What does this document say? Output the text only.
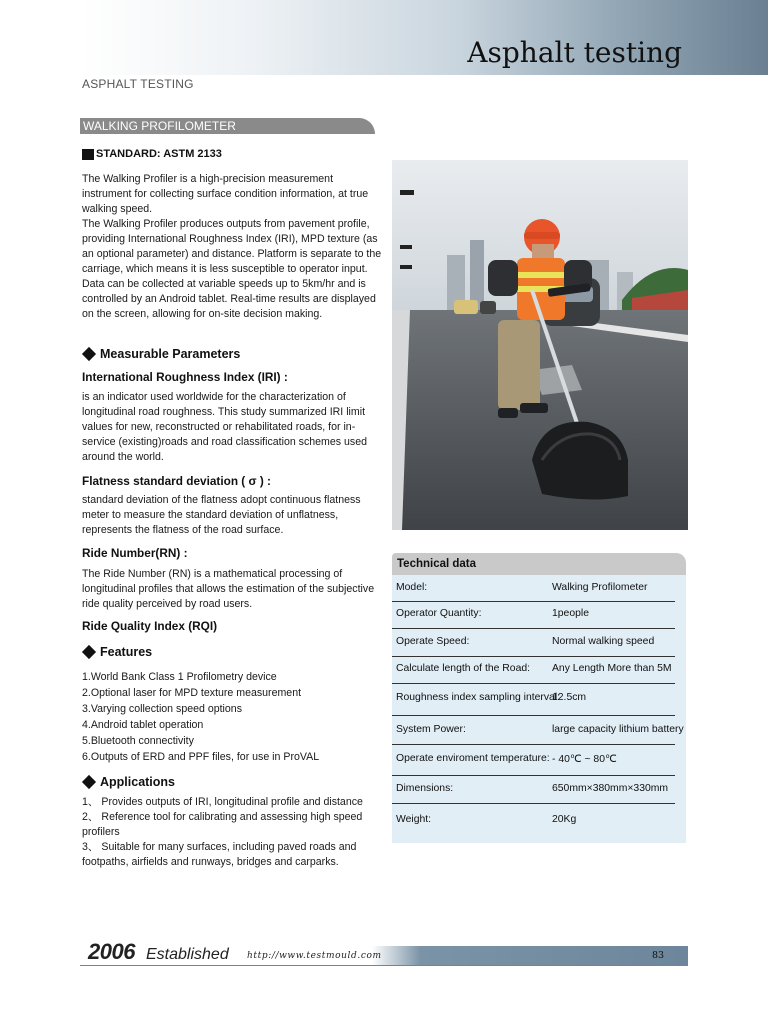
Asphalt testing
ASPHALT TESTING
WALKING PROFILOMETER
STANDARD: ASTM 2133

The Walking Profiler is a high-precision measurement instrument for collecting surface condition information, at true walking speed.

The Walking Profiler produces outputs from pavement profile, providing International Roughness Index (IRI), MPD texture (as an optional parameter) and distance. Platform is separate to the carriage, which means it is less susceptible to operator input. Data can be collected at variable speeds up to 5km/hr and is controlled by an Android tablet. Real-time results are displayed on the screen, allowing for on-site decision making.

Measurable Parameters
International Roughness Index (IRI) :
is an indicator used worldwide for the characterization of longitudinal road roughness. This study summarized IRI limit values for new, reconstructed or rehabilitated roads, for in-service (existing)roads and road classification schemes used around the world.
Flatness standard deviation ( σ ) :
standard deviation of the flatness adopt continuous flatness meter to measure the standard deviation of unflatness, represents the flatness of the road surface.
Ride Number(RN) :
The Ride Number (RN) is a mathematical processing of longitudinal profiles that allows the estimation of the subjective ride quality perceived by road users.
Ride Quality Index (RQI)
Features

1.World Bank Class 1 Profilometry device

2.Optional laser for MPD texture measurement

3.Varying collection speed options

4.Android tablet operation

5.Bluetooth connectivity

6.Outputs of ERD and PPF files, for use in ProVAL

Applications

1、 Provides outputs of IRI, longitudinal profile and distance

2、 Reference tool for calibrating and assessing high speed profilers

3、 Suitable for many surfaces, including paved roads and footpaths, airfields and runways, bridges and carparks.

Technical data
Model:	Walking Profilometer
Operator Quantity:	1people
Operate Speed:	Normal walking speed
Calculate length of the Road: Any Length More than 5M
Roughness index sampling interval:
12.5cm
System Power:	large capacity lithium battery
Operate enviroment temperature: - 40℃ ~ 80℃
Dimensions:	650mm×380mm×330mm
Weight:	20Kg
2006 Established http://www.testmould.com	83
